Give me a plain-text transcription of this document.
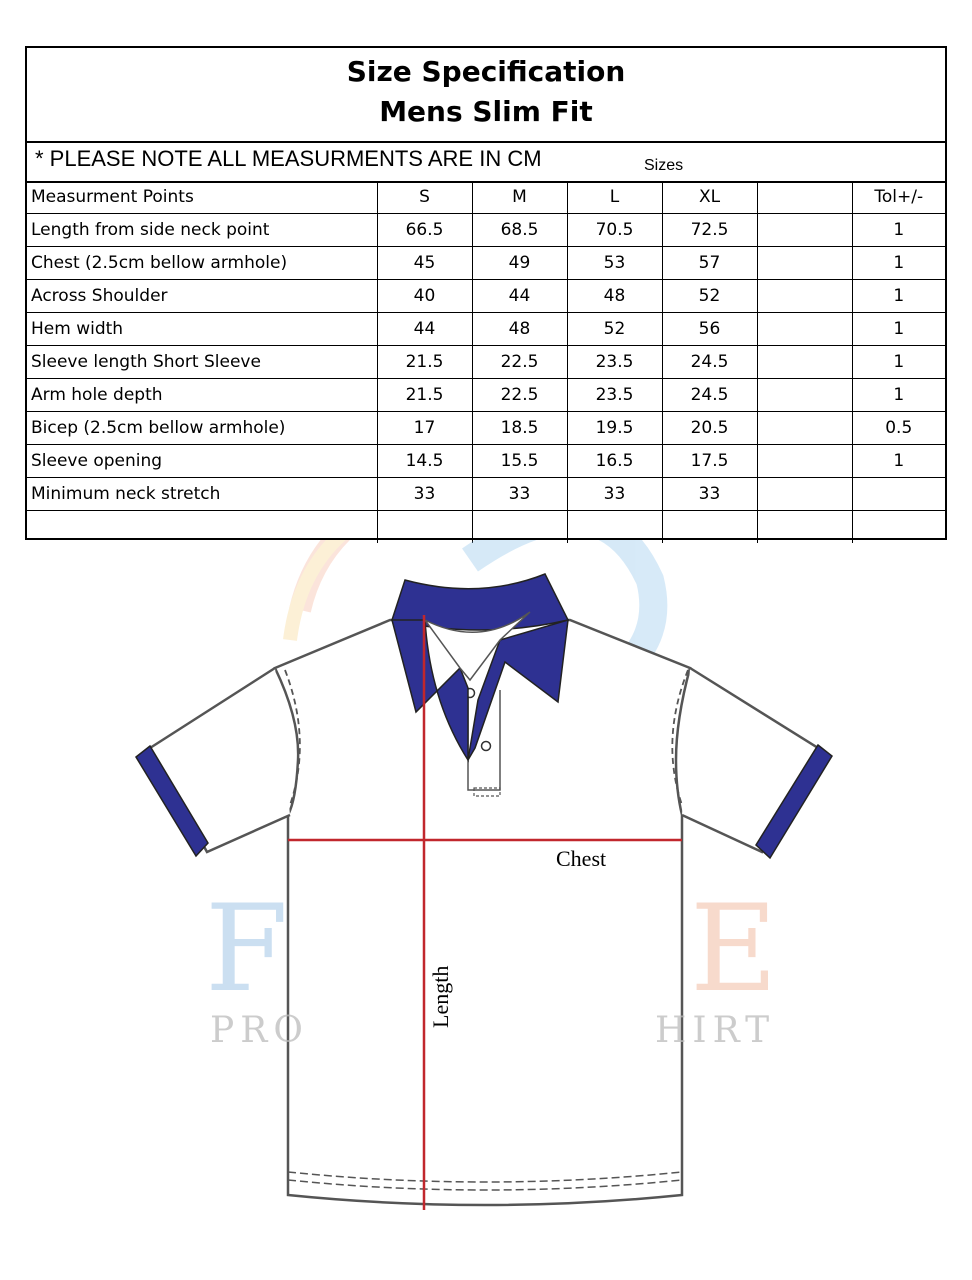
Size Specification
Mens Slim Fit
* PLEASE NOTE ALL MEASURMENTS ARE IN CM	Sizes
Measurment Points	S	M	L	XL		Tol+/-
Length from side neck point	66.5	68.5	70.5	72.5		1
Chest (2.5cm bellow armhole)	45	49	53	57		1
Across Shoulder	40	44	48	52		1
Hem width	44	48	52	56		1
Sleeve length Short Sleeve	21.5	22.5	23.5	24.5		1
Arm hole depth	21.5	22.5	23.5	24.5		1
Bicep (2.5cm bellow armhole)	17	18.5	19.5	20.5		0.5
Sleeve opening	14.5	15.5	16.5	17.5		1
Minimum neck stretch	33	33	33	33		

F	E
PRO	HIRT
Chest
Length
